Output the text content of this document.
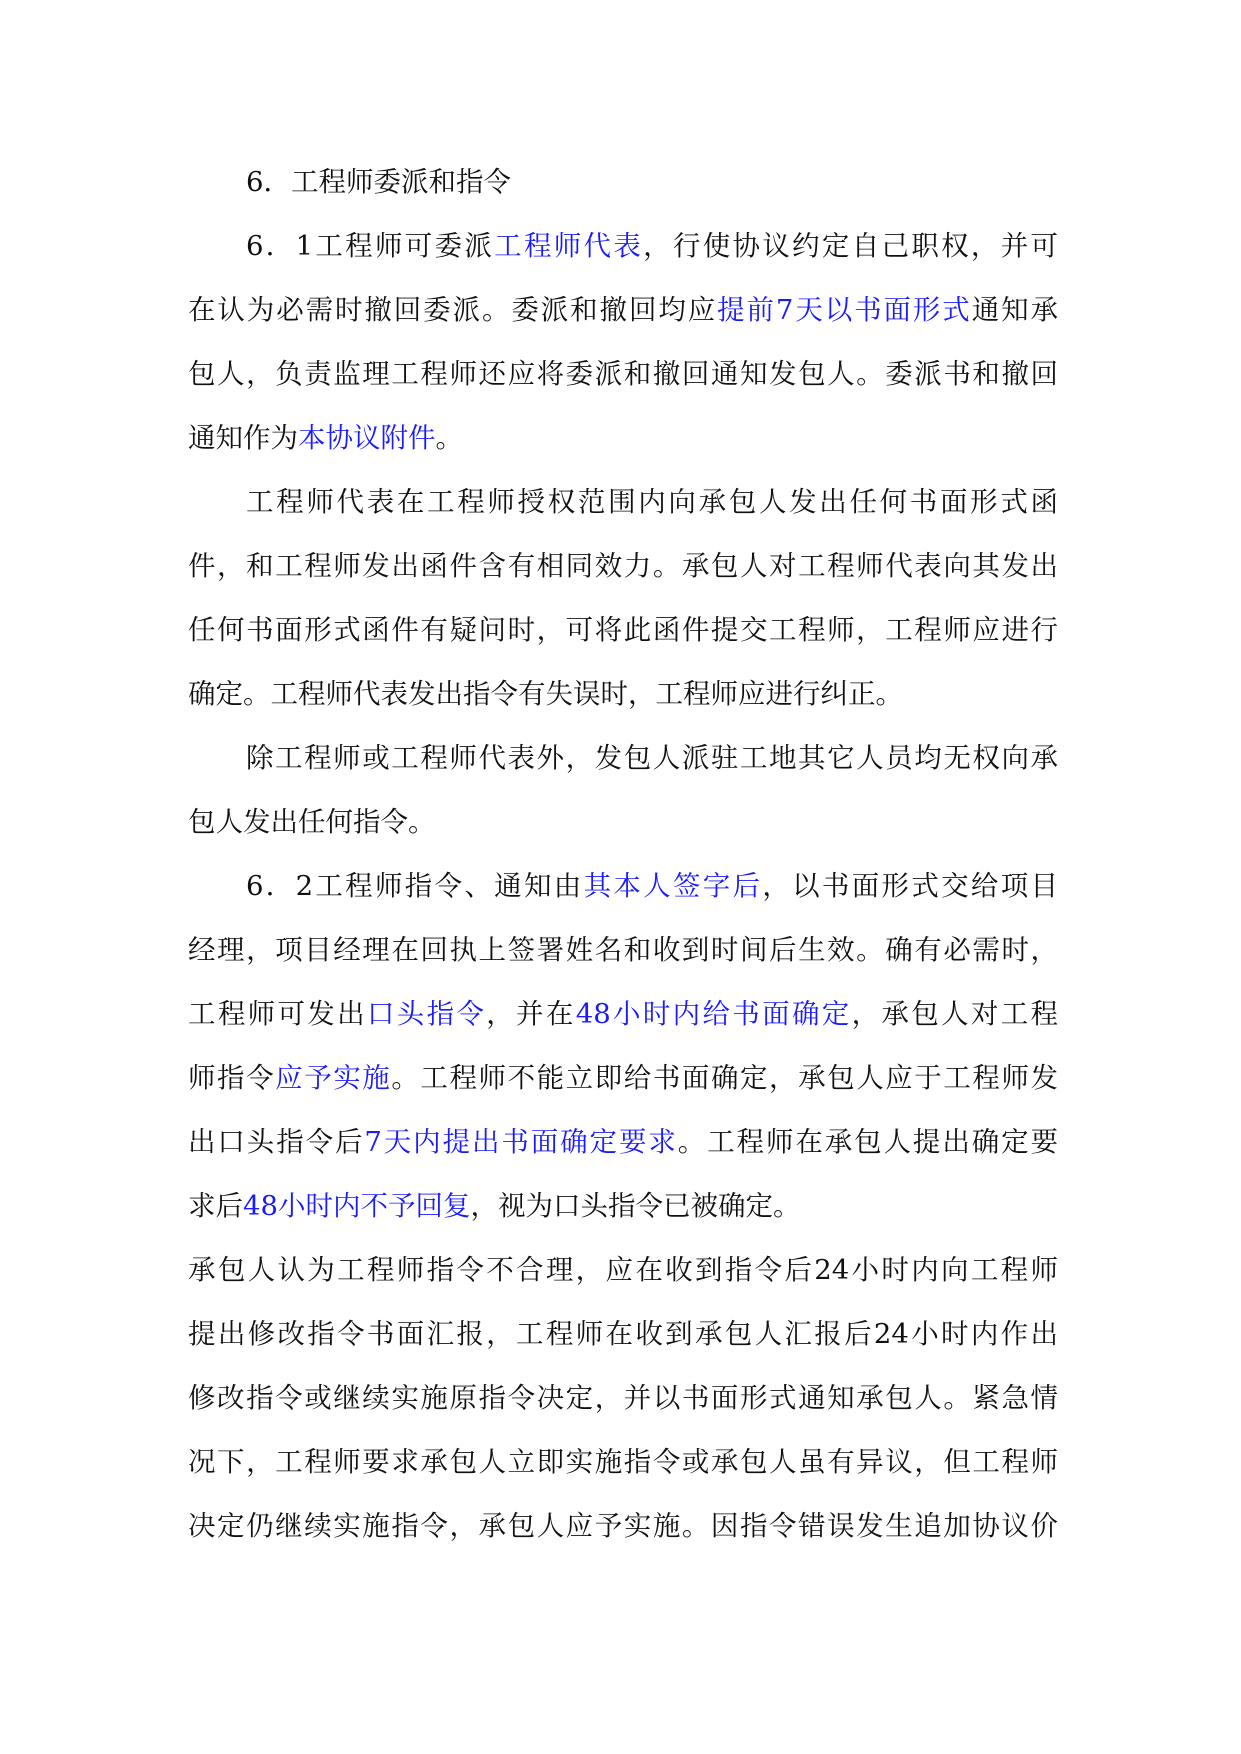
6．工程师委派和指令
6．1工程师可委派工程师代表，行使协议约定自己职权，并可
在认为必需时撤回委派。委派和撤回均应提前7天以书面形式通知承
包人，负责监理工程师还应将委派和撤回通知发包人。委派书和撤回
通知作为本协议附件。
工程师代表在工程师授权范围内向承包人发出任何书面形式函
件，和工程师发出函件含有相同效力。承包人对工程师代表向其发出
任何书面形式函件有疑问时，可将此函件提交工程师，工程师应进行
确定。工程师代表发出指令有失误时，工程师应进行纠正。
除工程师或工程师代表外，发包人派驻工地其它人员均无权向承
包人发出任何指令。
6．2工程师指令、通知由其本人签字后，以书面形式交给项目
经理，项目经理在回执上签署姓名和收到时间后生效。确有必需时，
工程师可发出口头指令，并在48小时内给书面确定，承包人对工程
师指令应予实施。工程师不能立即给书面确定，承包人应于工程师发
出口头指令后7天内提出书面确定要求。工程师在承包人提出确定要
求后48小时内不予回复，视为口头指令已被确定。
承包人认为工程师指令不合理，应在收到指令后24小时内向工程师
提出修改指令书面汇报，工程师在收到承包人汇报后24小时内作出
修改指令或继续实施原指令决定，并以书面形式通知承包人。紧急情
况下，工程师要求承包人立即实施指令或承包人虽有异议，但工程师
决定仍继续实施指令，承包人应予实施。因指令错误发生追加协议价
